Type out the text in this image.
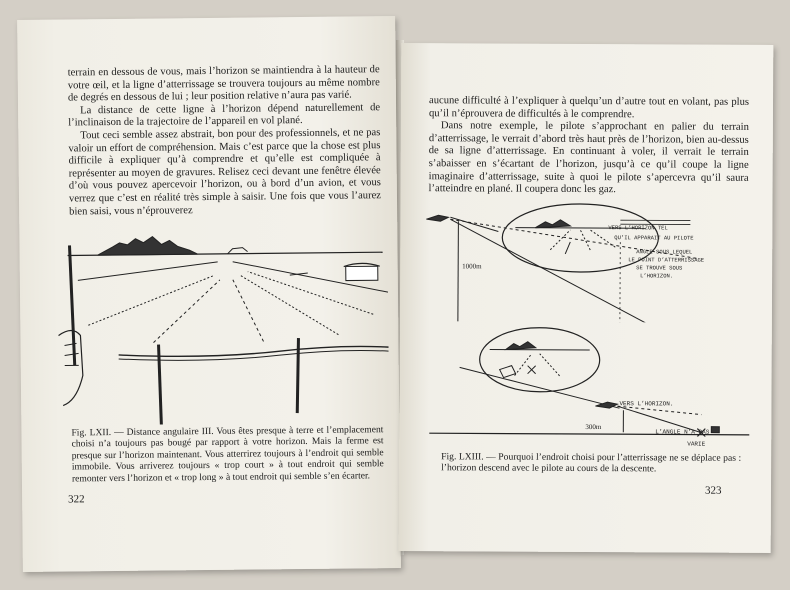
terrain en dessous de vous, mais l’horizon se maintiendra à la hauteur de votre œil, et la ligne d’atterrissage se trouvera toujours au même nombre de degrés en dessous de lui ; leur position relative n’aura pas varié.

La distance de cette ligne à l’horizon dépend naturellement de l’inclinaison de la trajectoire de l’appareil en vol plané.

Tout ceci semble assez abstrait, bon pour des professionnels, et ne pas valoir un effort de compréhension. Mais c’est parce que la chose est plus difficile à expliquer qu’à comprendre et qu’elle est compliquée à représenter au moyen de gravures. Relisez ceci devant une fenêtre élevée d’où vous pouvez apercevoir l’horizon, ou à bord d’un avion, et vous verrez que c’est en réalité très simple à saisir. Une fois que vous l’aurez bien saisi, vous n’éprouverez

Fig. LXII. — Distance angulaire III. Vous êtes presque à terre et l’emplacement choisi n’a toujours pas bougé par rapport à votre horizon. Mais la ferme est presque sur l’horizon maintenant. Vous atterrirez toujours à l’endroit qui semble immobile. Vous arriverez toujours « trop court » à tout endroit qui semble remonter vers l’horizon et « trop long » à tout endroit qui semble s’en écarter.
322

aucune difficulté à l’expliquer à quelqu’un d’autre tout en volant, pas plus qu’il n’éprouvera de difficultés à le comprendre.

Dans notre exemple, le pilote s’approchant en palier du terrain d’atterrissage, le verrait d’abord très haut près de l’horizon, bien au-dessus de sa ligne d’atterrissage. En continuant à voler, il verrait le terrain s’abaisser en s’écartant de l’horizon, jusqu’à ce qu’il coupe la ligne imaginaire d’atterrissage, suite à quoi le pilote s’apercevra qu’il saura l’atteindre en plané. Il coupera donc les gaz.

1000m
VERS L’HORIZON TEL
QU’IL APPARAIT AU PILOTE
ANGLE SOUS LEQUEL
LE POINT D’ATTERRISSAGE
SE TROUVE SOUS
L’HORIZON.
300m
VERS L’HORIZON.
L’ANGLE N’A PAS
VARIE
Fig. LXIII. — Pourquoi l’endroit choisi pour l’atterrissage ne se déplace pas : l’horizon descend avec le pilote au cours de la descente.
323
